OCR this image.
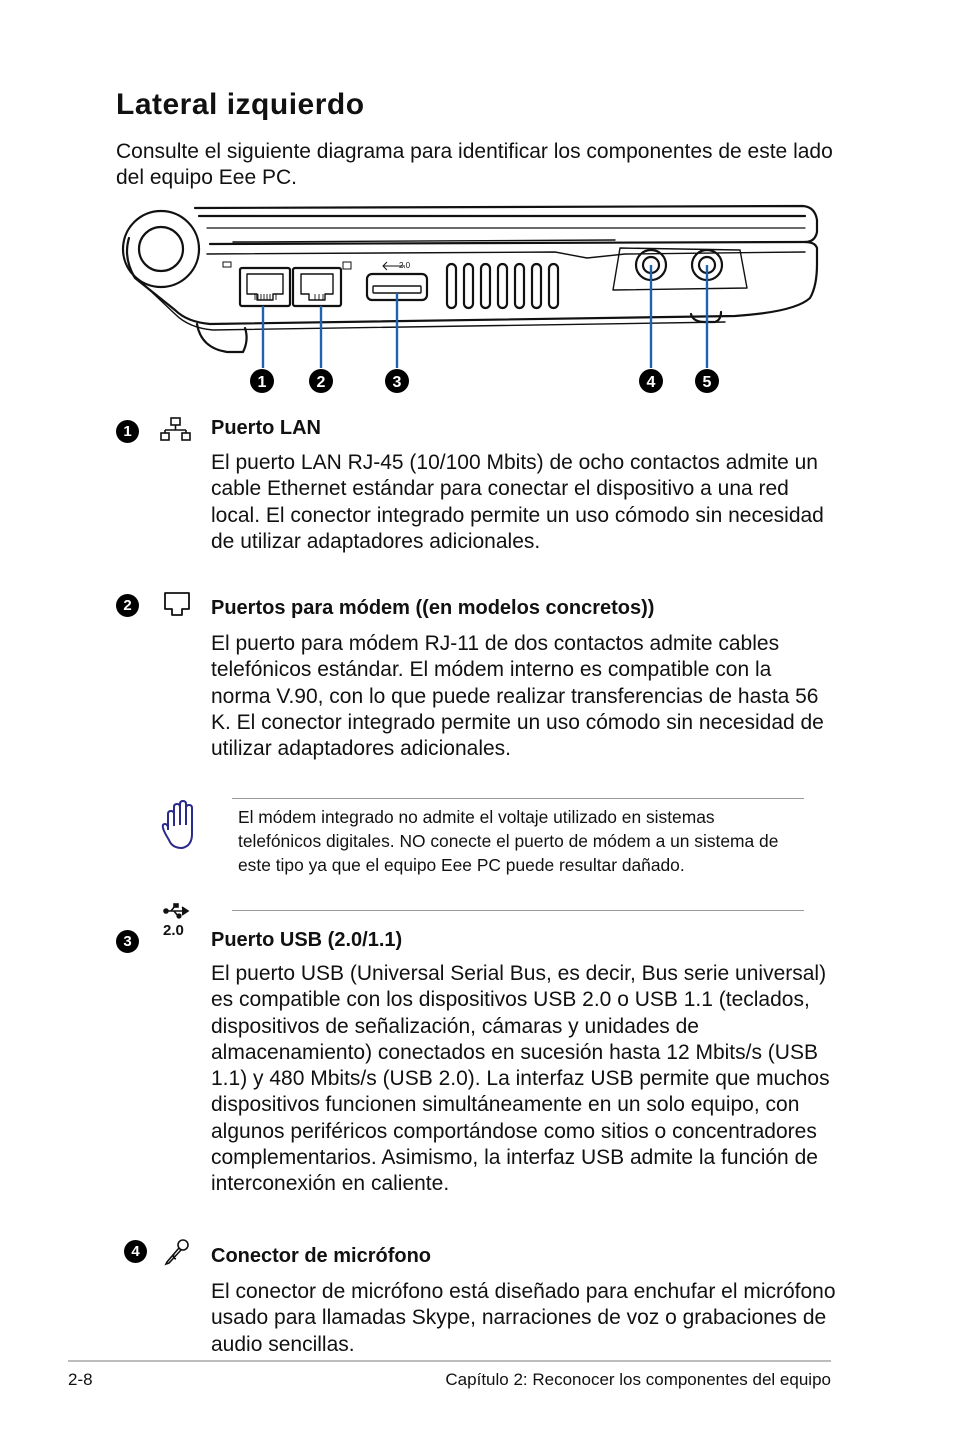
Lateral izquierdo

Consulte el siguiente diagrama para identificar los componentes de este lado del equipo Eee PC.

2.0
1	2	3	4	5
1	Puerto LAN

El puerto LAN RJ-45 (10/100 Mbits) de ocho contactos admite un cable Ethernet estándar para conectar el dispositivo a una red local. El conector integrado permite un uso cómodo sin necesidad de utilizar adaptadores adicionales.

2	Puertos para módem ((en modelos concretos))

El puerto para módem RJ-11 de dos contactos admite cables telefónicos estándar. El módem interno es compatible con la norma V.90, con lo que puede realizar transferencias de hasta 56 K. El conector integrado permite un uso cómodo sin necesidad de utilizar adaptadores adicionales.

El módem integrado no admite el voltaje utilizado en sistemas telefónicos digitales. NO conecte el puerto de módem a un sistema de este tipo ya que el equipo Eee PC puede resultar dañado.

3
2.0 Puerto USB (2.0/1.1)

El puerto USB (Universal Serial Bus, es decir, Bus serie universal) es compatible con los dispositivos USB 2.0 o USB 1.1 (teclados, dispositivos de señalización, cámaras y unidades de almacenamiento) conectados en sucesión hasta 12 Mbits/s (USB 1.1) y 480 Mbits/s (USB 2.0). La interfaz USB permite que muchos dispositivos funcionen simultáneamente en un solo equipo, con algunos periféricos comportándose como sitios o concentradores complementarios. Asimismo, la interfaz USB admite la función de interconexión en caliente.

4	Conector de micrófono

El conector de micrófono está diseñado para enchufar el micrófono usado para llamadas Skype, narraciones de voz o grabaciones de audio sencillas.

2-8	Capítulo 2: Reconocer los componentes del equipo
